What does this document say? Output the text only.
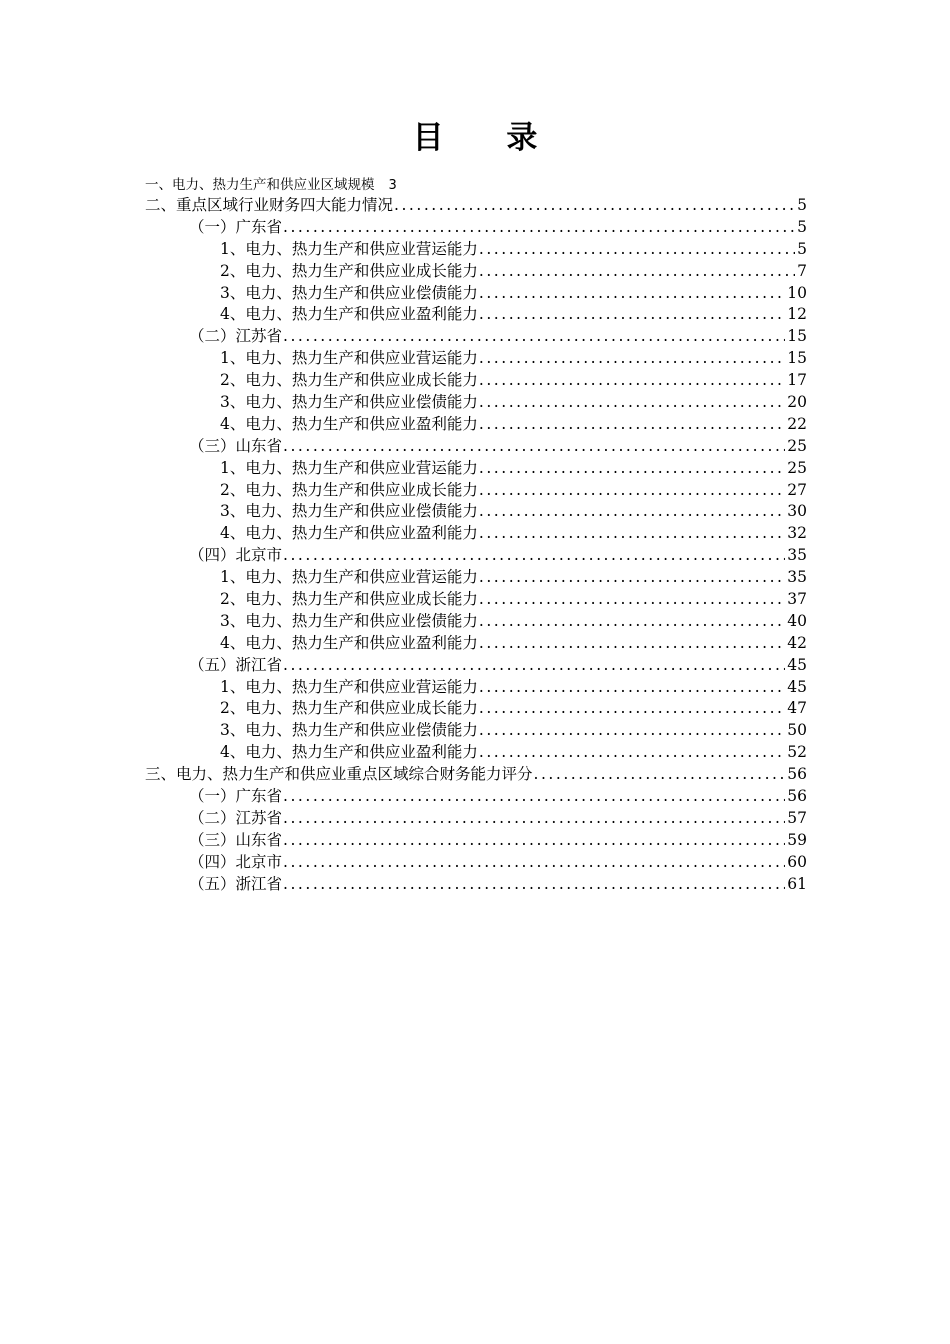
目 录
一、电力、热力生产和供应业区域规模 3
二、重点区域行业财务四大能力情况 . . .	5
（一）广东省 . . .	5
1、电力、热力生产和供应业营运能力 . . .	5
2、电力、热力生产和供应业成长能力 . . .	7
3、电力、热力生产和供应业偿债能力 . . .	10
4、电力、热力生产和供应业盈利能力 . . .	12
（二）江苏省 . . .	15
1、电力、热力生产和供应业营运能力 . . .	15
2、电力、热力生产和供应业成长能力 . . .	17
3、电力、热力生产和供应业偿债能力 . . .	20
4、电力、热力生产和供应业盈利能力 . . .	22
（三）山东省 . . .	25
1、电力、热力生产和供应业营运能力 . . .	25
2、电力、热力生产和供应业成长能力 . . .	27
3、电力、热力生产和供应业偿债能力 . . .	30
4、电力、热力生产和供应业盈利能力 . . .	32
（四）北京市 . . .	35
1、电力、热力生产和供应业营运能力 . . .	35
2、电力、热力生产和供应业成长能力 . . .	37
3、电力、热力生产和供应业偿债能力 . . .	40
4、电力、热力生产和供应业盈利能力 . . .	42
（五）浙江省 . . .	45
1、电力、热力生产和供应业营运能力 . . .	45
2、电力、热力生产和供应业成长能力 . . .	47
3、电力、热力生产和供应业偿债能力 . . .	50
4、电力、热力生产和供应业盈利能力 . . .	52
三、电力、热力生产和供应业重点区域综合财务能力评分 . . .	56
（一）广东省 . . .	56
（二）江苏省 . . .	57
（三）山东省 . . .	59
（四）北京市 . . .	60
（五）浙江省 . . .	61
